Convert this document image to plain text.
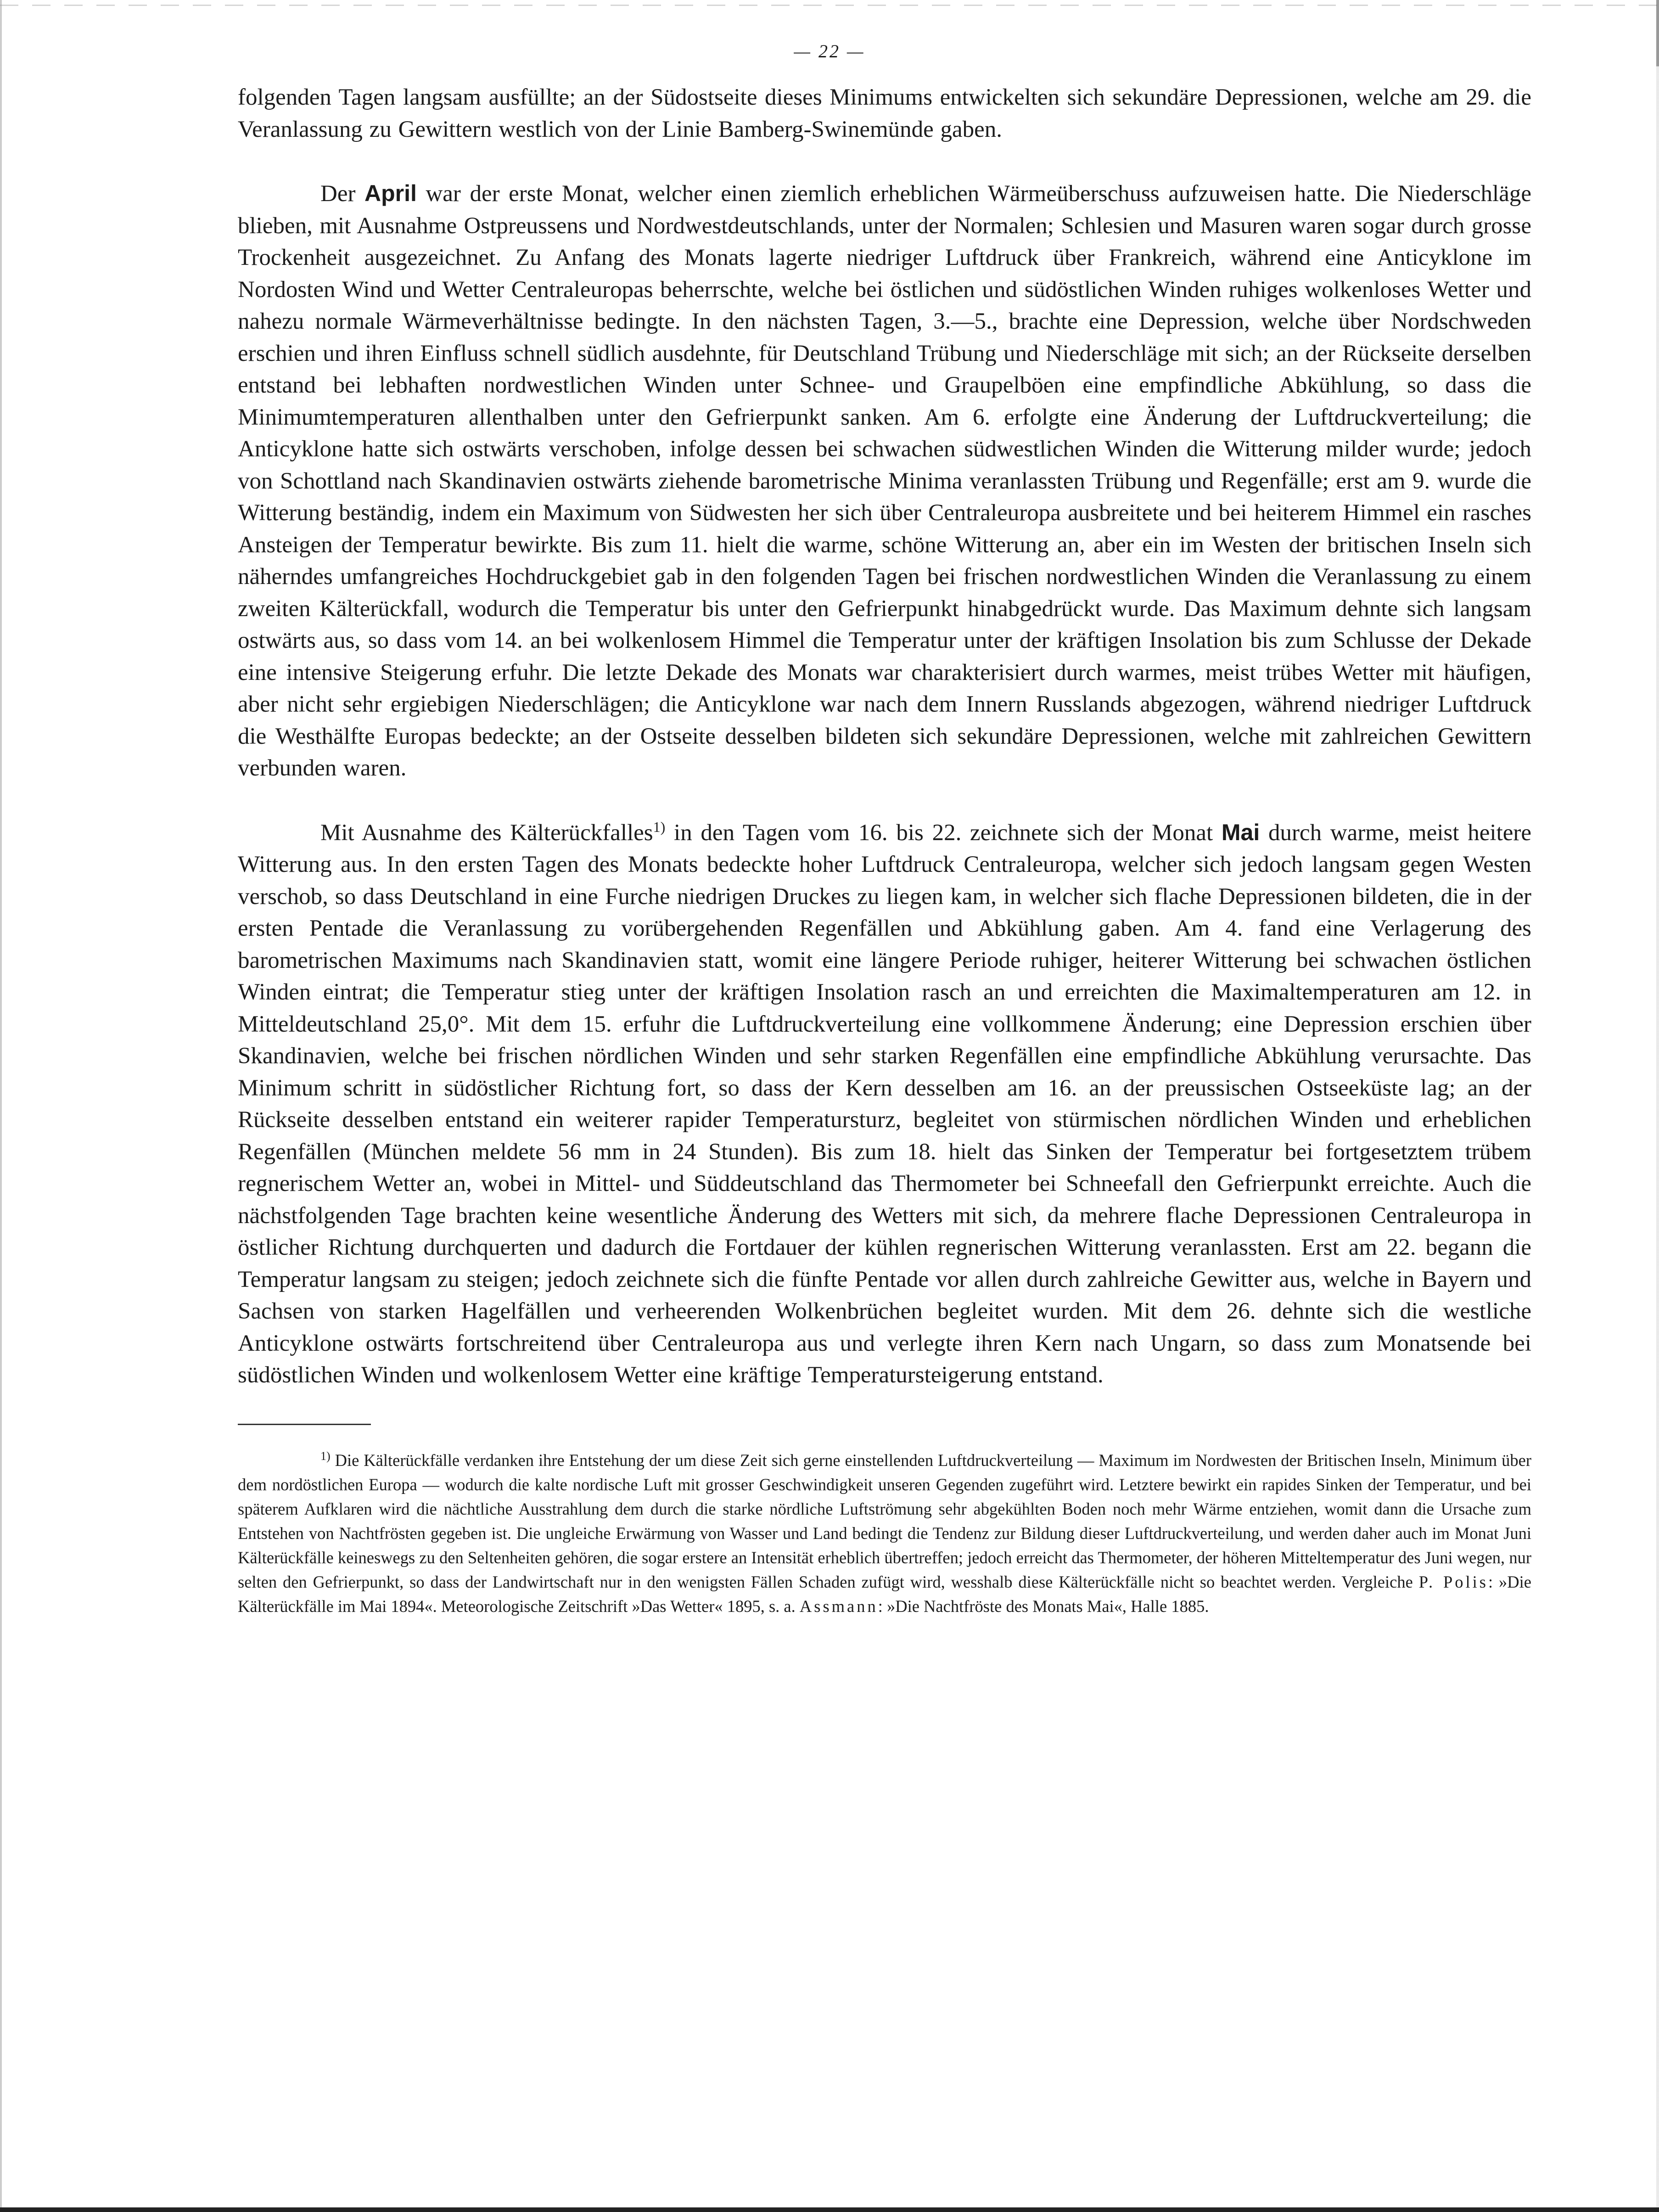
— 22 —

folgenden Tagen langsam ausfüllte; an der Südostseite dieses Minimums entwickelten sich sekundäre Depressionen, welche am 29. die Veranlassung zu Gewittern westlich von der Linie Bamberg-Swinemünde gaben.

Der April war der erste Monat, welcher einen ziemlich erheblichen Wärmeüberschuss aufzuweisen hatte. Die Niederschläge blieben, mit Ausnahme Ostpreussens und Nordwestdeutschlands, unter der Normalen; Schlesien und Masuren waren sogar durch grosse Trockenheit ausgezeichnet. Zu Anfang des Monats lagerte niedriger Luftdruck über Frankreich, während eine Anticyklone im Nordosten Wind und Wetter Centraleuropas beherrschte, welche bei östlichen und südöstlichen Winden ruhiges wolkenloses Wetter und nahezu normale Wärmeverhältnisse bedingte. In den nächsten Tagen, 3.—5., brachte eine Depression, welche über Nordschweden erschien und ihren Einfluss schnell südlich ausdehnte, für Deutschland Trübung und Niederschläge mit sich; an der Rückseite derselben entstand bei lebhaften nordwestlichen Winden unter Schnee- und Graupelböen eine empfindliche Abkühlung, so dass die Minimumtemperaturen allenthalben unter den Gefrierpunkt sanken. Am 6. erfolgte eine Änderung der Luftdruckverteilung; die Anticyklone hatte sich ostwärts verschoben, infolge dessen bei schwachen südwestlichen Winden die Witterung milder wurde; jedoch von Schottland nach Skandinavien ostwärts ziehende barometrische Minima veranlassten Trübung und Regenfälle; erst am 9. wurde die Witterung beständig, indem ein Maximum von Südwesten her sich über Centraleuropa ausbreitete und bei heiterem Himmel ein rasches Ansteigen der Temperatur bewirkte. Bis zum 11. hielt die warme, schöne Witterung an, aber ein im Westen der britischen Inseln sich näherndes umfangreiches Hochdruckgebiet gab in den folgenden Tagen bei frischen nordwestlichen Winden die Veranlassung zu einem zweiten Kälterückfall, wodurch die Temperatur bis unter den Gefrierpunkt hinabgedrückt wurde. Das Maximum dehnte sich langsam ostwärts aus, so dass vom 14. an bei wolkenlosem Himmel die Temperatur unter der kräftigen Insolation bis zum Schlusse der Dekade eine intensive Steigerung erfuhr. Die letzte Dekade des Monats war charakterisiert durch warmes, meist trübes Wetter mit häufigen, aber nicht sehr ergiebigen Niederschlägen; die Anticyklone war nach dem Innern Russlands abgezogen, während niedriger Luftdruck die Westhälfte Europas bedeckte; an der Ostseite desselben bildeten sich sekundäre Depressionen, welche mit zahlreichen Gewittern verbunden waren.

Mit Ausnahme des Kälterückfalles$^{1)}$ in den Tagen vom 16. bis 22. zeichnete sich der Monat Mai durch warme, meist heitere Witterung aus. In den ersten Tagen des Monats bedeckte hoher Luftdruck Centraleuropa, welcher sich jedoch langsam gegen Westen verschob, so dass Deutschland in eine Furche niedrigen Druckes zu liegen kam, in welcher sich flache Depressionen bildeten, die in der ersten Pentade die Veranlassung zu vorübergehenden Regenfällen und Abkühlung gaben. Am 4. fand eine Verlagerung des barometrischen Maximums nach Skandinavien statt, womit eine längere Periode ruhiger, heiterer Witterung bei schwachen östlichen Winden eintrat; die Temperatur stieg unter der kräftigen Insolation rasch an und erreichten die Maximaltemperaturen am 12. in Mitteldeutschland 25,0°. Mit dem 15. erfuhr die Luftdruckverteilung eine vollkommene Änderung; eine Depression erschien über Skandinavien, welche bei frischen nördlichen Winden und sehr starken Regenfällen eine empfindliche Abkühlung verursachte. Das Minimum schritt in südöstlicher Richtung fort, so dass der Kern desselben am 16. an der preussischen Ostseeküste lag; an der Rückseite desselben entstand ein weiterer rapider Temperatursturz, begleitet von stürmischen nördlichen Winden und erheblichen Regenfällen (München meldete 56 mm in 24 Stunden). Bis zum 18. hielt das Sinken der Temperatur bei fortgesetztem trübem regnerischem Wetter an, wobei in Mittel- und Süddeutschland das Thermometer bei Schneefall den Gefrierpunkt erreichte. Auch die nächstfolgenden Tage brachten keine wesentliche Änderung des Wetters mit sich, da mehrere flache Depressionen Centraleuropa in östlicher Richtung durchquerten und dadurch die Fortdauer der kühlen regnerischen Witterung veranlassten. Erst am 22. begann die Temperatur langsam zu steigen; jedoch zeichnete sich die fünfte Pentade vor allen durch zahlreiche Gewitter aus, welche in Bayern und Sachsen von starken Hagelfällen und verheerenden Wolkenbrüchen begleitet wurden. Mit dem 26. dehnte sich die westliche Anticyklone ostwärts fortschreitend über Centraleuropa aus und verlegte ihren Kern nach Ungarn, so dass zum Monatsende bei südöstlichen Winden und wolkenlosem Wetter eine kräftige Temperatursteigerung entstand.

$^{1)}$ Die Kälterückfälle verdanken ihre Entstehung der um diese Zeit sich gerne einstellenden Luftdruckverteilung — Maximum im Nordwesten der Britischen Inseln, Minimum über dem nordöstlichen Europa — wodurch die kalte nordische Luft mit grosser Geschwindigkeit unseren Gegenden zugeführt wird. Letztere bewirkt ein rapides Sinken der Temperatur, und bei späterem Aufklaren wird die nächtliche Ausstrahlung dem durch die starke nördliche Luftströmung sehr abgekühlten Boden noch mehr Wärme entziehen, womit dann die Ursache zum Entstehen von Nachtfrösten gegeben ist. Die ungleiche Erwärmung von Wasser und Land bedingt die Tendenz zur Bildung dieser Luftdruckverteilung, und werden daher auch im Monat Juni Kälterückfälle keineswegs zu den Seltenheiten gehören, die sogar erstere an Intensität erheblich übertreffen; jedoch erreicht das Thermometer, der höheren Mitteltemperatur des Juni wegen, nur selten den Gefrierpunkt, so dass der Landwirtschaft nur in den wenigsten Fällen Schaden zufügt wird, wesshalb diese Kälterückfälle nicht so beachtet werden. Vergleiche P. Polis: »Die Kälterückfälle im Mai 1894«. Meteorologische Zeitschrift »Das Wetter« 1895, s. a. Assmann: »Die Nachtfröste des Monats Mai«, Halle 1885.
